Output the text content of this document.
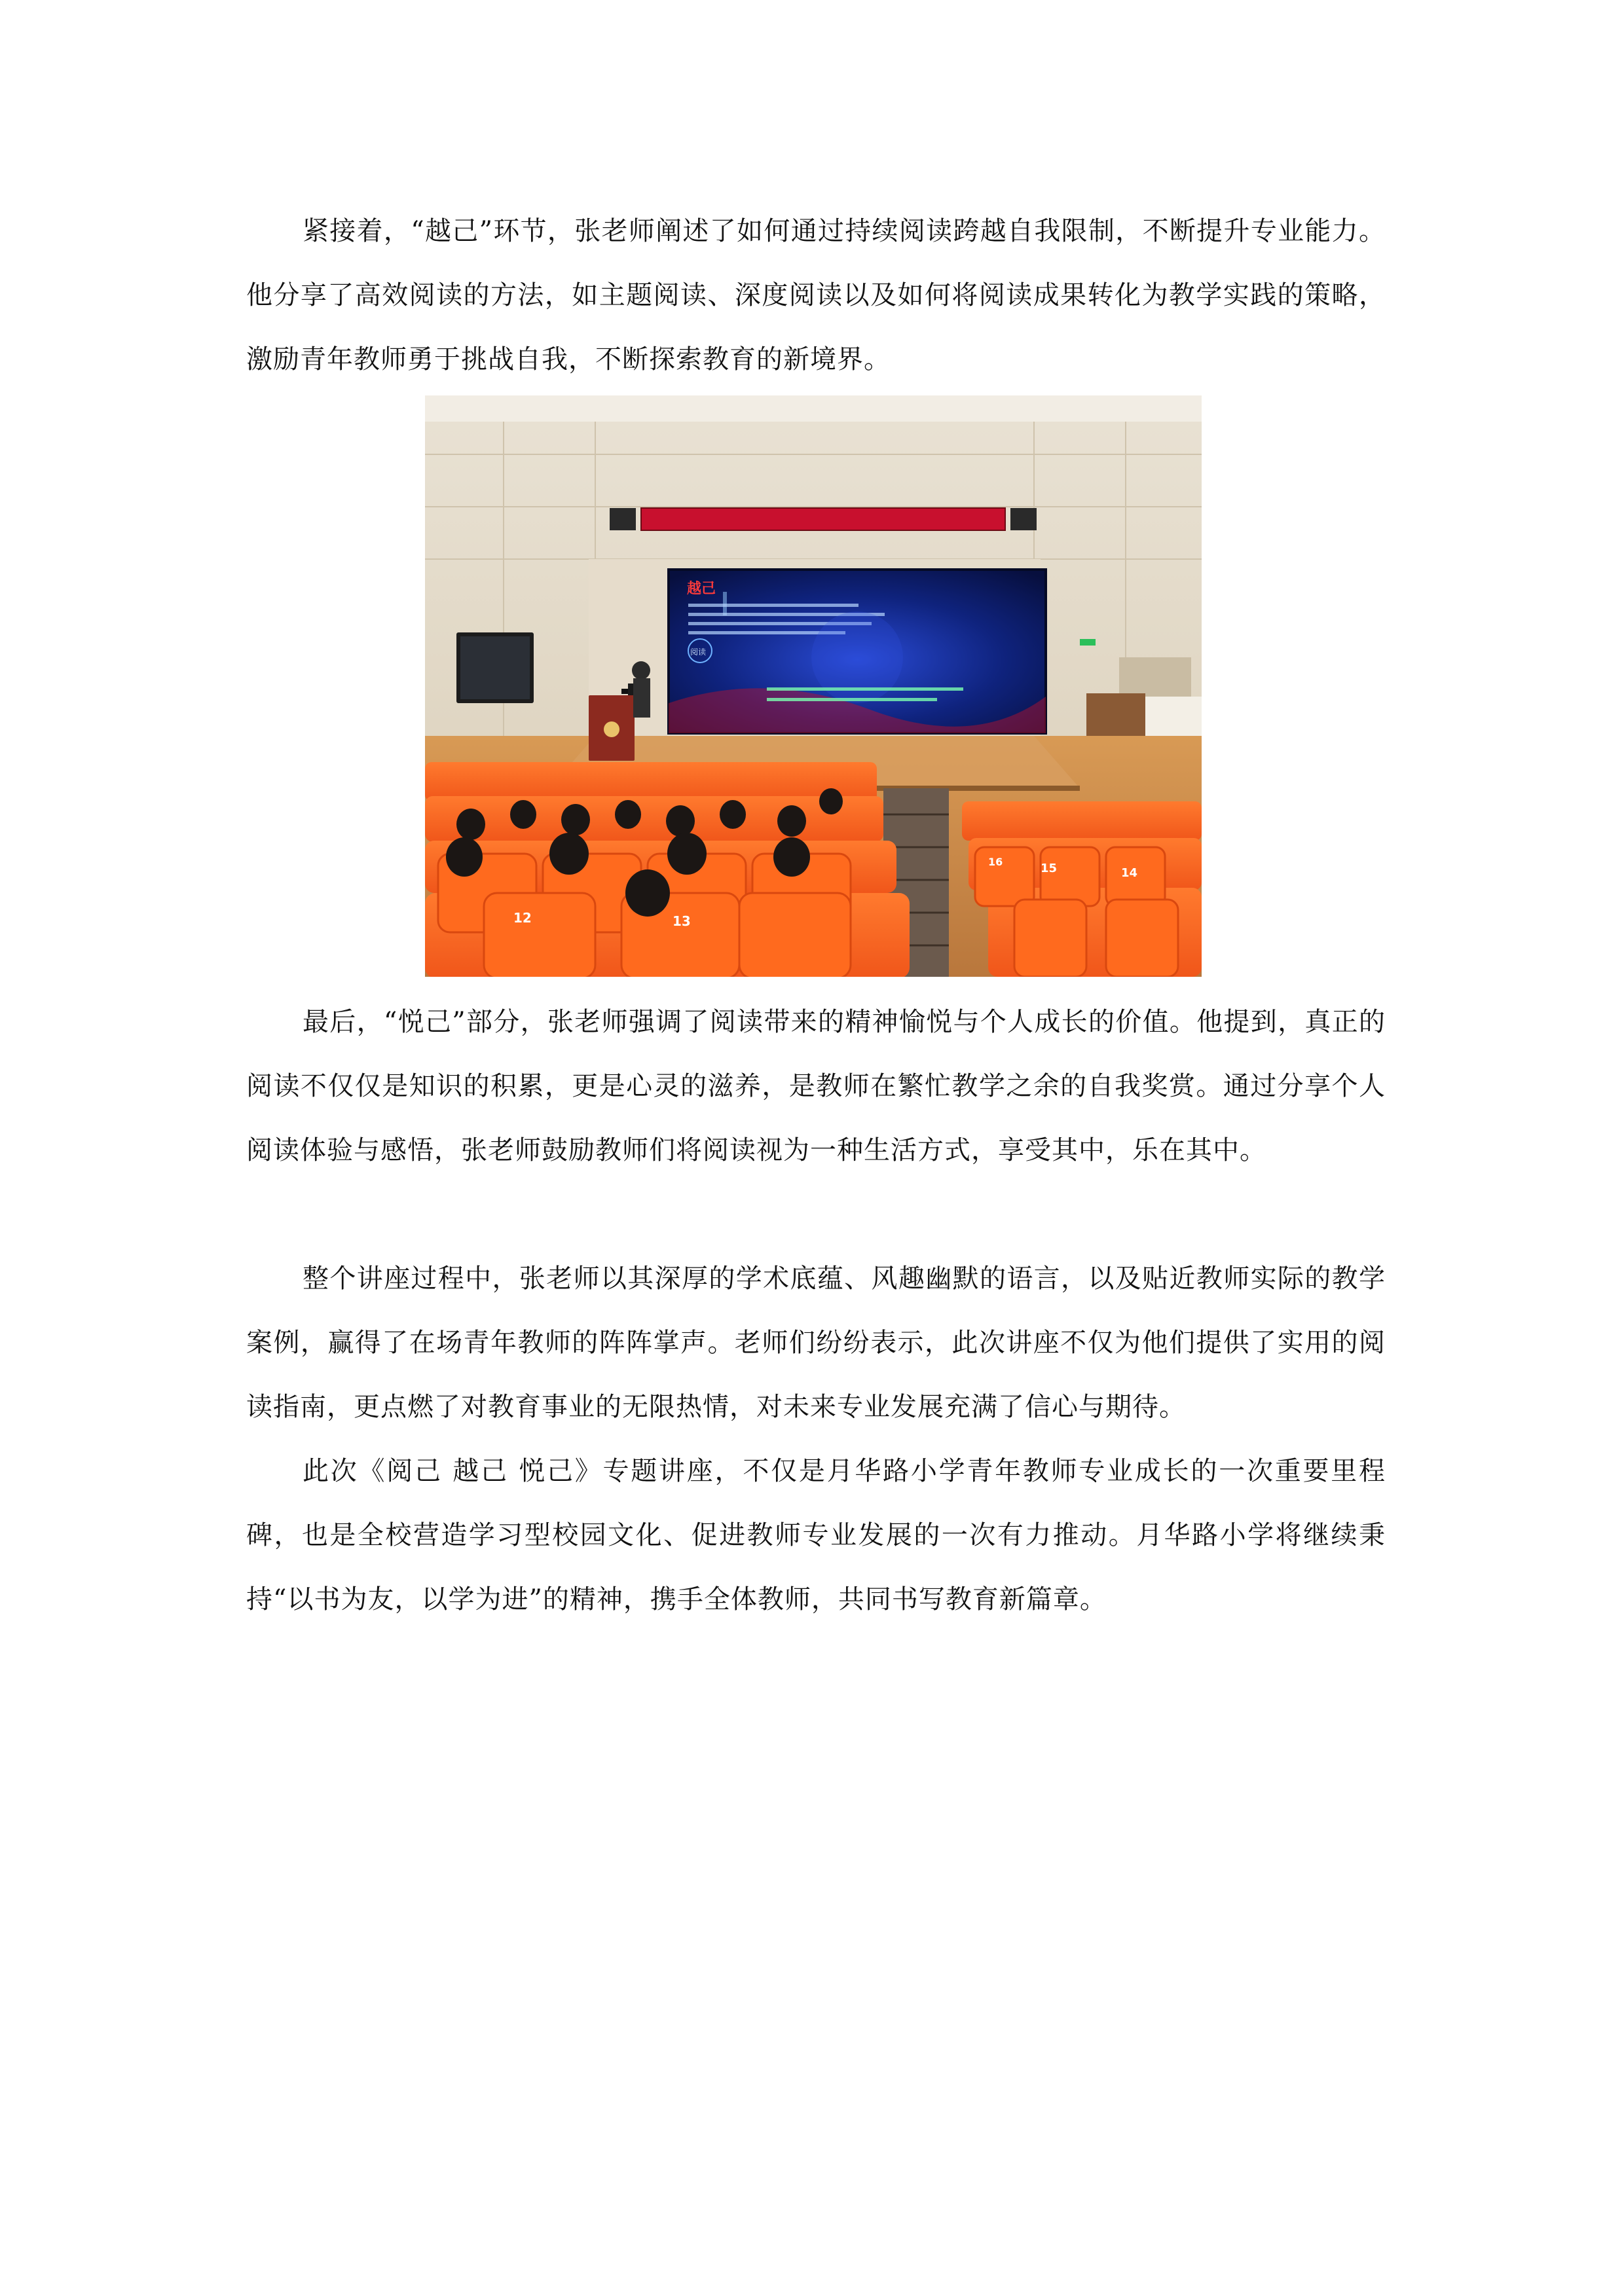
紧接着，“越己”环节，张老师阐述了如何通过持续阅读跨越自我限制，不断提升专业能力。他分享了高效阅读的方法，如主题阅读、深度阅读以及如何将阅读成果转化为教学实践的策略，激励青年教师勇于挑战自我，不断探索教育的新境界。

越己
阅读
12	13
14
15
16

最后，“悦己”部分，张老师强调了阅读带来的精神愉悦与个人成长的价值。他提到，真正的阅读不仅仅是知识的积累，更是心灵的滋养，是教师在繁忙教学之余的自我奖赏。通过分享个人阅读体验与感悟，张老师鼓励教师们将阅读视为一种生活方式，享受其中，乐在其中。

整个讲座过程中，张老师以其深厚的学术底蕴、风趣幽默的语言，以及贴近教师实际的教学案例，赢得了在场青年教师的阵阵掌声。老师们纷纷表示，此次讲座不仅为他们提供了实用的阅读指南，更点燃了对教育事业的无限热情，对未来专业发展充满了信心与期待。

此次《阅己 越己 悦己》专题讲座，不仅是月华路小学青年教师专业成长的一次重要里程碑，也是全校营造学习型校园文化、促进教师专业发展的一次有力推动。月华路小学将继续秉持“以书为友，以学为进”的精神，携手全体教师，共同书写教育新篇章。
